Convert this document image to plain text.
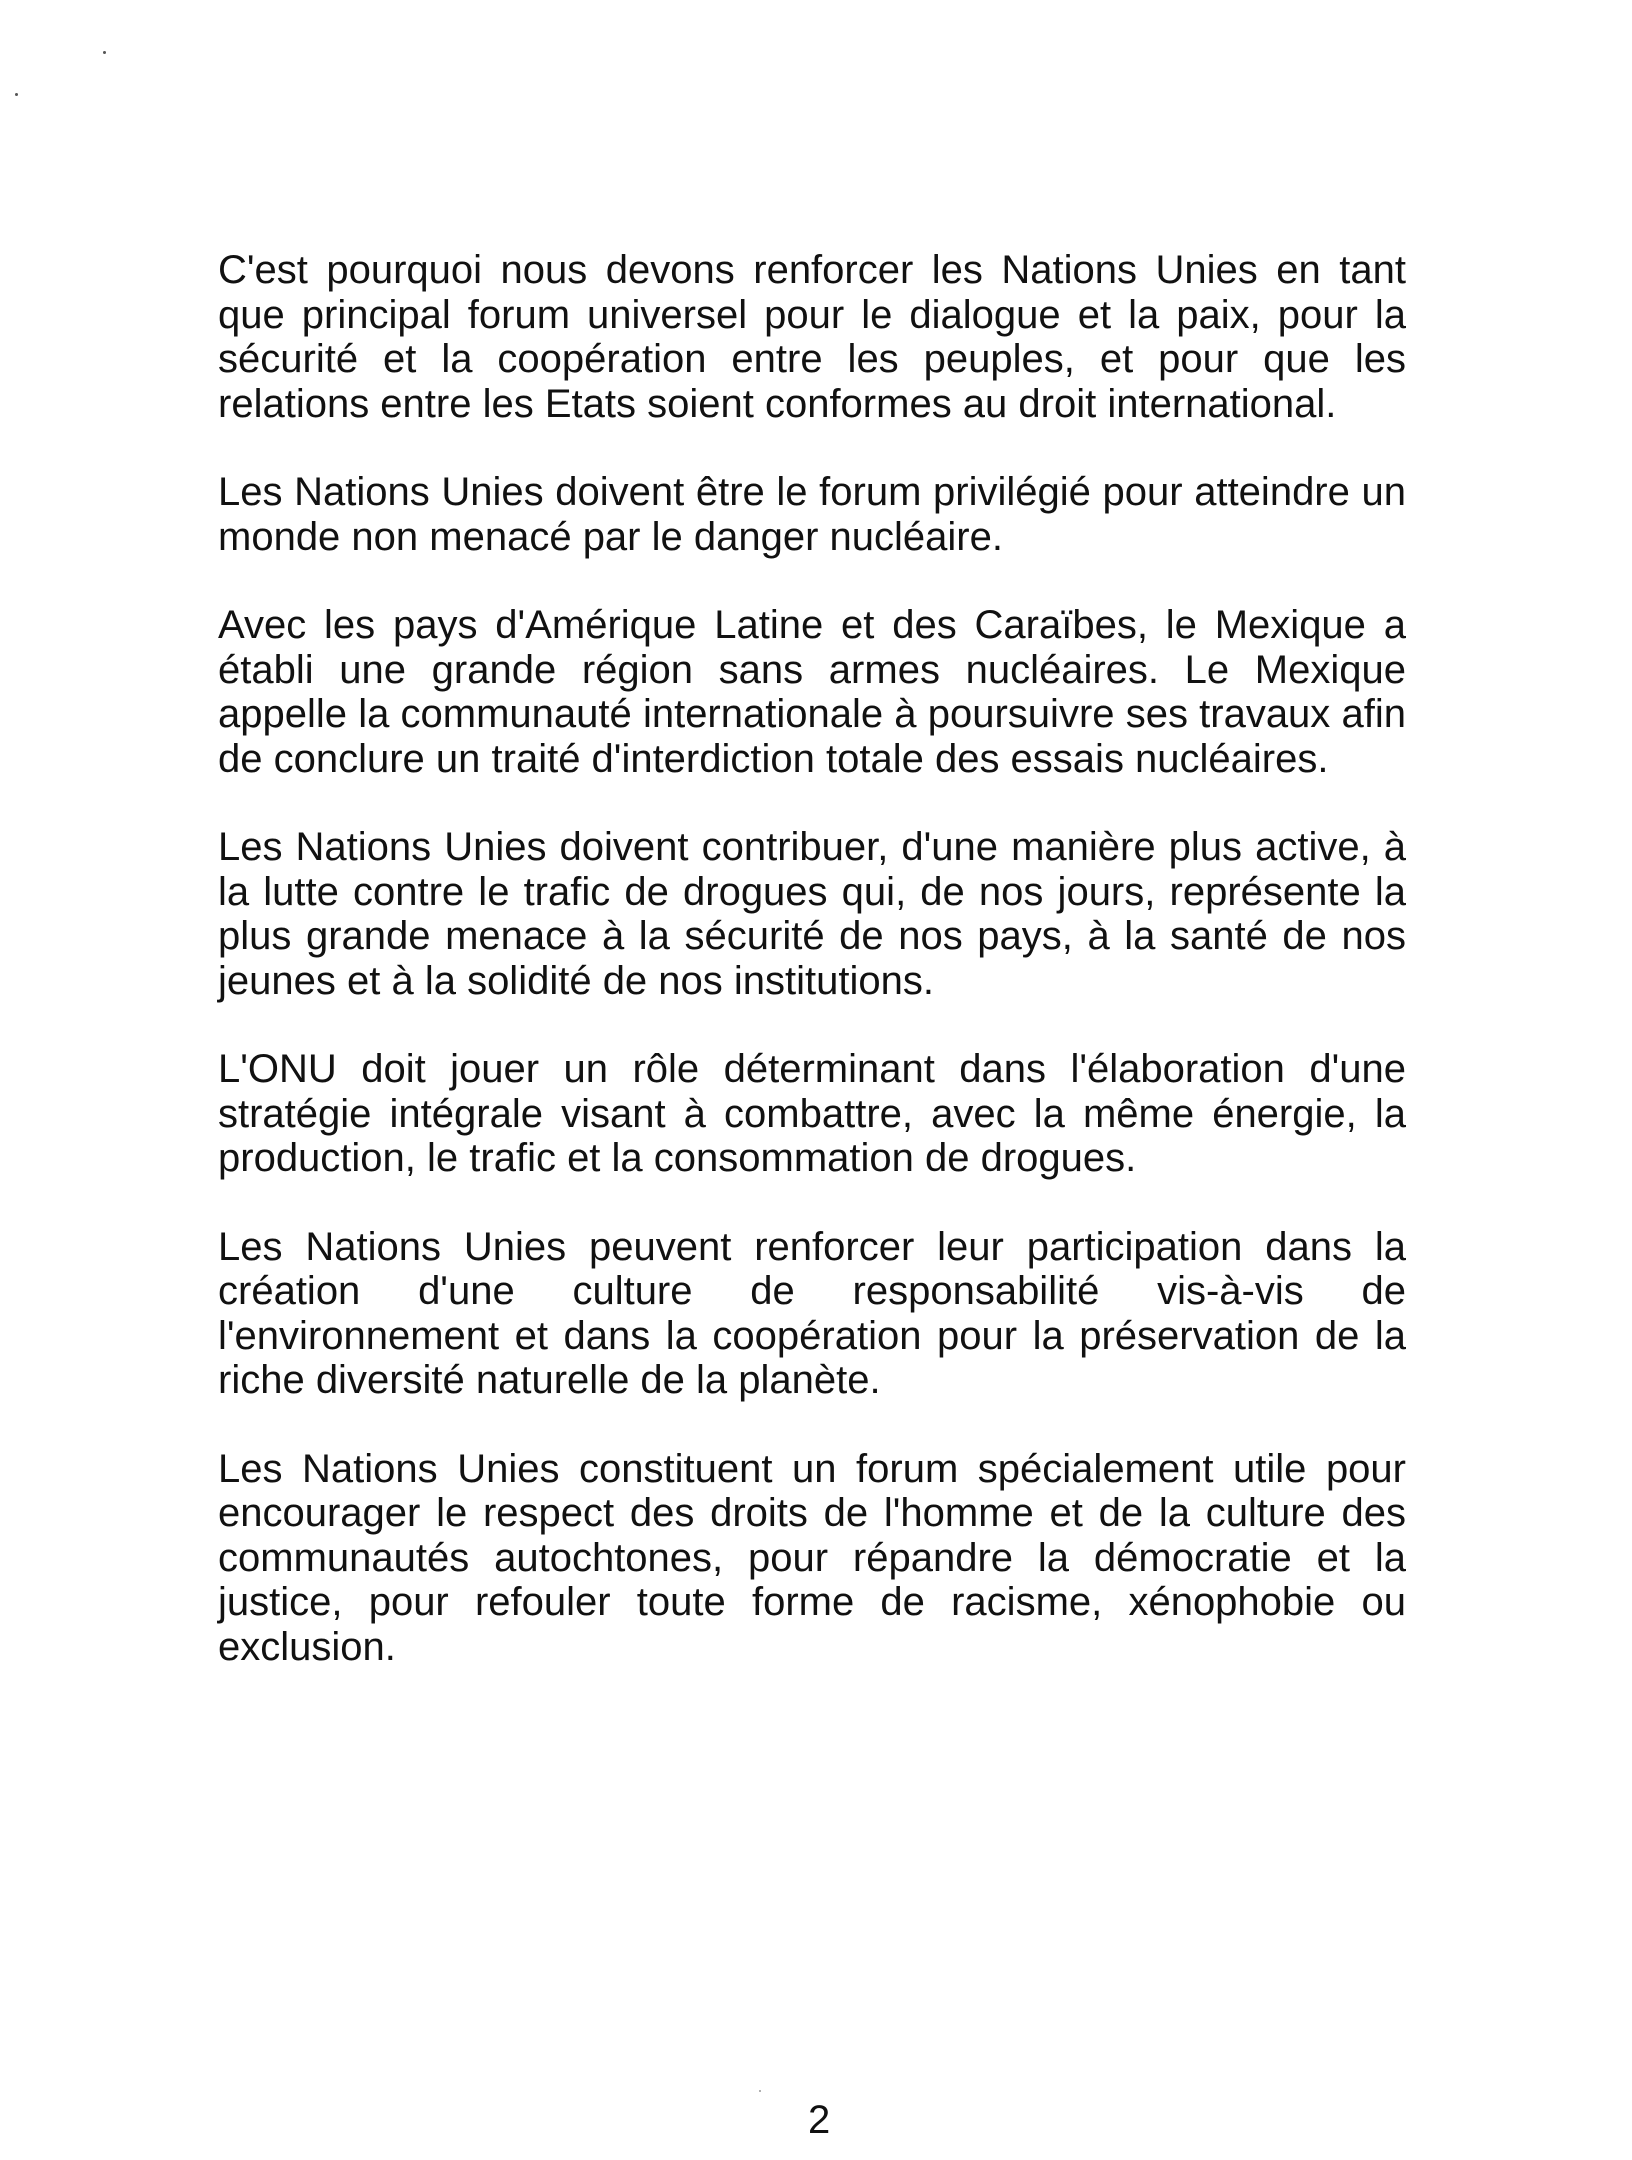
C'est pourquoi nous devons renforcer les Nations Unies en tant que principal forum universel pour le dialogue et la paix, pour la sécurité et la coopération entre les peuples, et pour que les relations entre les Etats soient conformes au droit international.

Les Nations Unies doivent être le forum privilégié pour atteindre un monde non menacé par le danger nucléaire.

Avec les pays d'Amérique Latine et des Caraïbes, le Mexique a établi une grande région sans armes nucléaires. Le Mexique appelle la communauté internationale à poursuivre ses travaux afin de conclure un traité d'interdiction totale des essais nucléaires.

Les Nations Unies doivent contribuer, d'une manière plus active, à la lutte contre le trafic de drogues qui, de nos jours, représente la plus grande menace à la sécurité de nos pays, à la santé de nos jeunes et à la solidité de nos institutions.

L'ONU doit jouer un rôle déterminant dans l'élaboration d'une stratégie intégrale visant à combattre, avec la même énergie, la production, le trafic et la consommation de drogues.

Les Nations Unies peuvent renforcer leur participation dans la création d'une culture de responsabilité vis-à-vis de l'environnement et dans la coopération pour la préservation de la riche diversité naturelle de la planète.

Les Nations Unies constituent un forum spécialement utile pour encourager le respect des droits de l'homme et de la culture des communautés autochtones, pour répandre la démocratie et la justice, pour refouler toute forme de racisme, xénophobie ou exclusion.

2
